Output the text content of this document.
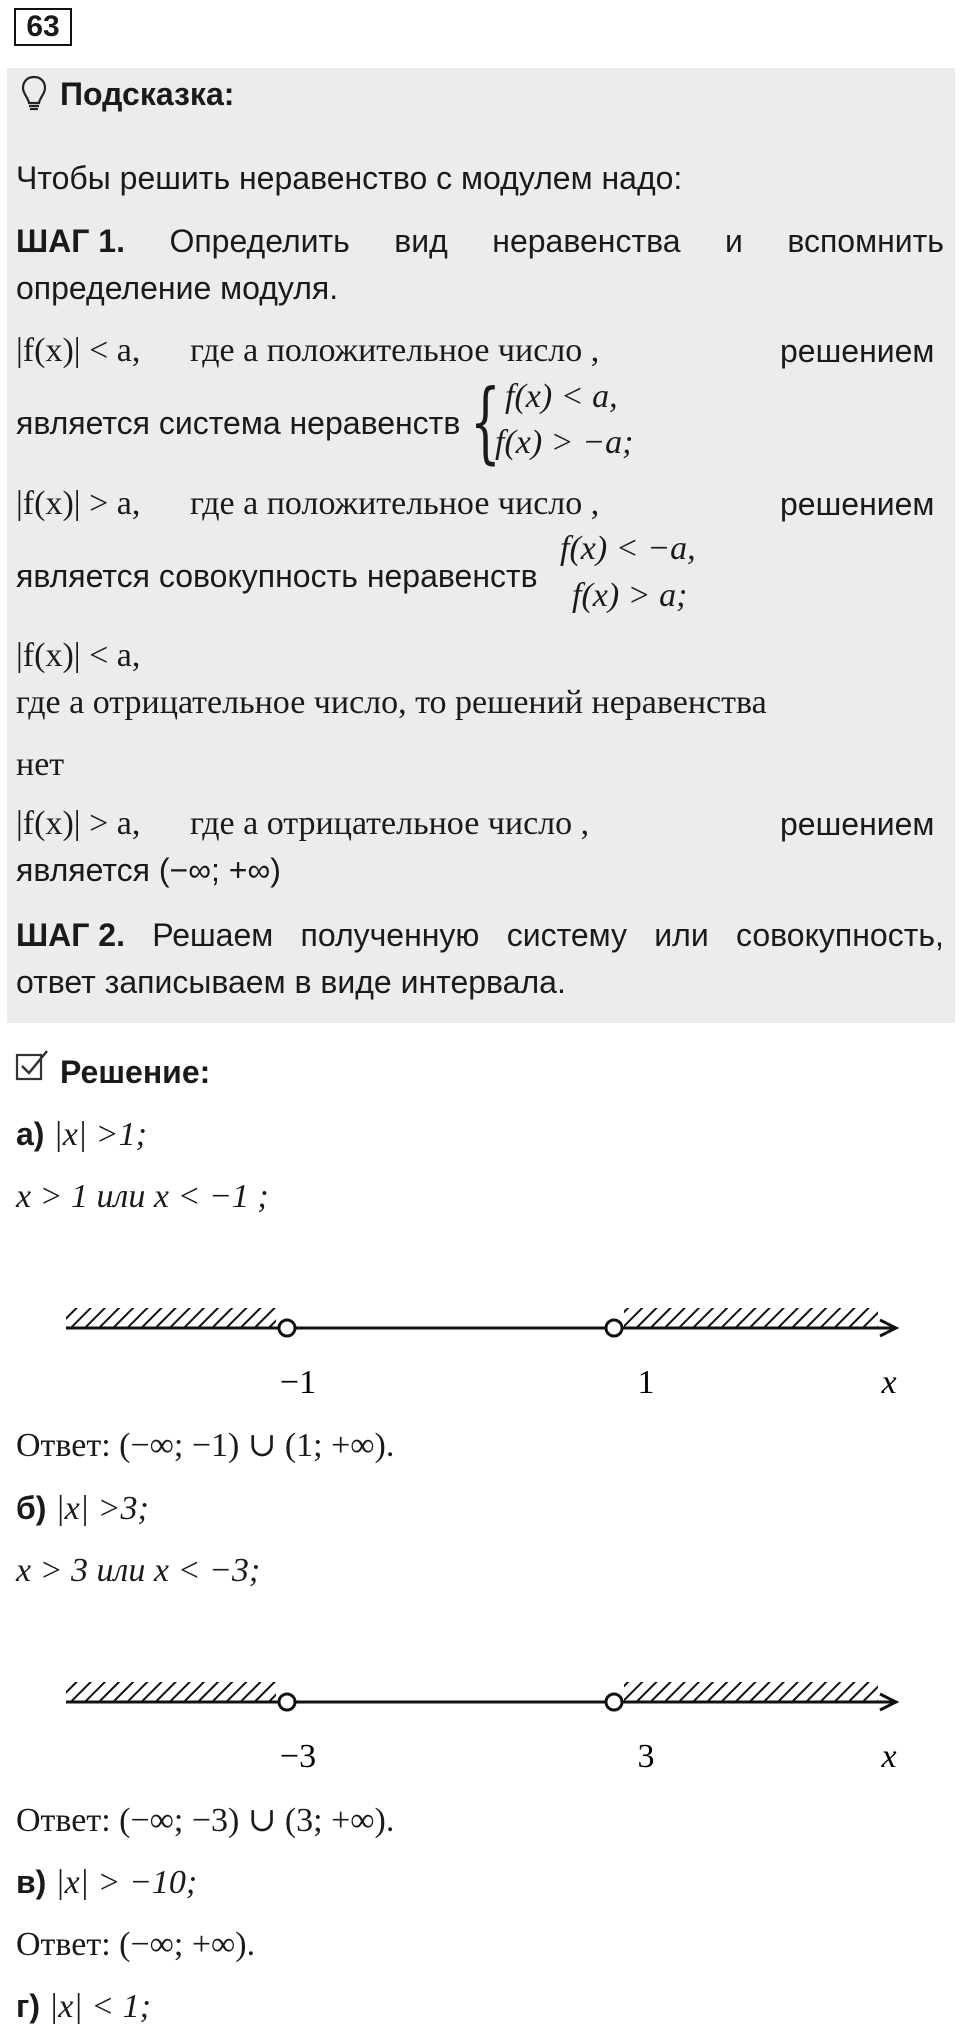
63
Подсказка:
Чтобы решить неравенство с модулем надо:
ШАГ 1. Определить вид неравенства и вспомнить
определение модуля.
|f(x)| < a, где a положительное число ,	решением
является система неравенств { f(x) < a,
f(x) > −a;
|f(x)| > a, где a положительное число ,	решением
является совокупность неравенств
f(x) < −a,
f(x) > a;
|f(x)| < a,
где a отрицательное число, то решений неравенства
нет
|f(x)| > a, где a отрицательное число ,	решением
является (−∞; +∞)
ШАГ 2. Решаем полученную систему или совокупность,
ответ записываем в виде интервала.
Решение:
а) |x| >1;
x > 1 или x < −1 ;
−1	1	x
Ответ: (−∞; −1) ∪ (1; +∞).
б) |x| >3;
x > 3 или x < −3;
−3	3	x
Ответ: (−∞; −3) ∪ (3; +∞).
в) |x| > −10;
Ответ: (−∞; +∞).
г) |x| < 1;
